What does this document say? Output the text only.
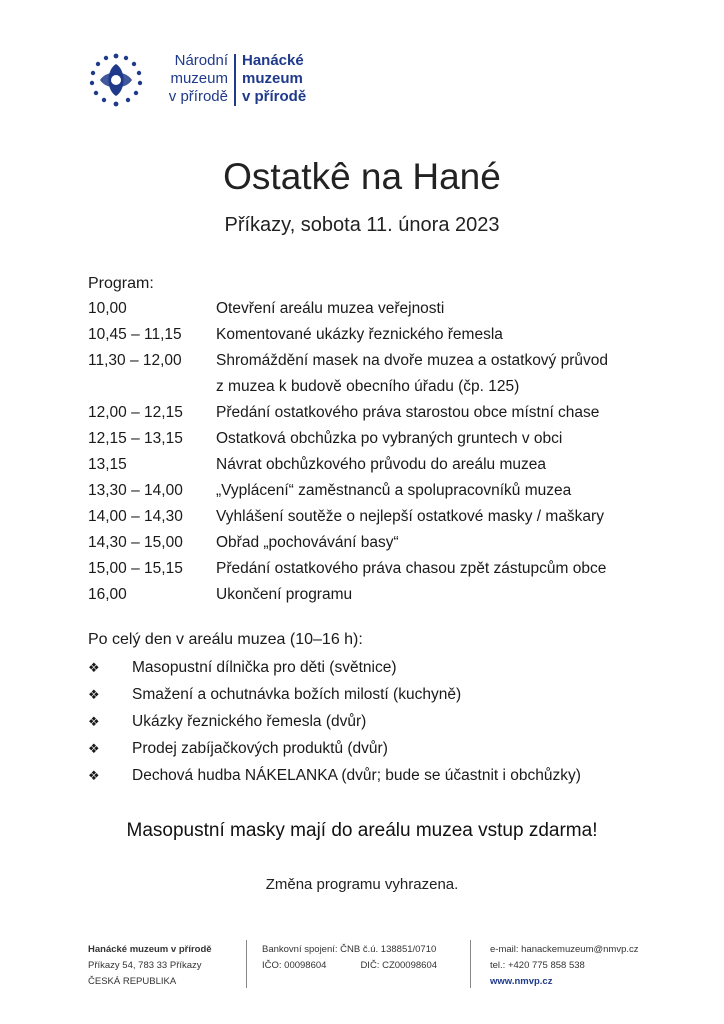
Národní
muzeum
v přírodě
Hanácké
muzeum
v přírodě
Ostatkê na Hané
Příkazy, sobota 11. února 2023
Program:
10,00	Otevření areálu muzea veřejnosti
10,45 – 11,15	Komentované ukázky řeznického řemesla
11,30 – 12,00	Shromáždění masek na dvoře muzea a ostatkový průvod
z muzea k budově obecního úřadu (čp. 125)
12,00 – 12,15	Předání ostatkového práva starostou obce místní chase
12,15 – 13,15	Ostatková obchůzka po vybraných gruntech v obci
13,15	Návrat obchůzkového průvodu do areálu muzea
13,30 – 14,00	„Vyplácení“ zaměstnanců a spolupracovníků muzea
14,00 – 14,30	Vyhlášení soutěže o nejlepší ostatkové masky / maškary
14,30 – 15,00	Obřad „pochovávání basy“
15,00 – 15,15	Předání ostatkového práva chasou zpět zástupcům obce
16,00	Ukončení programu
Po celý den v areálu muzea (10–16 h):
❖	Masopustní dílnička pro děti (světnice)
❖	Smažení a ochutnávka božích milostí (kuchyně)
❖	Ukázky řeznického řemesla (dvůr)
❖	Prodej zabíjačkových produktů (dvůr)
❖	Dechová hudba NÁKELANKA (dvůr; bude se účastnit i obchůzky)
Masopustní masky mají do areálu muzea vstup zdarma!
Změna programu vyhrazena.
Hanácké muzeum v přírodě
Příkazy 54, 783 33 Příkazy
ČESKÁ REPUBLIKA
Bankovní spojení: ČNB č.ú. 138851/0710
IČO: 00098604	DIČ: CZ00098604
e-mail: hanackemuzeum@nmvp.cz
tel.: +420 775 858 538
www.nmvp.cz
